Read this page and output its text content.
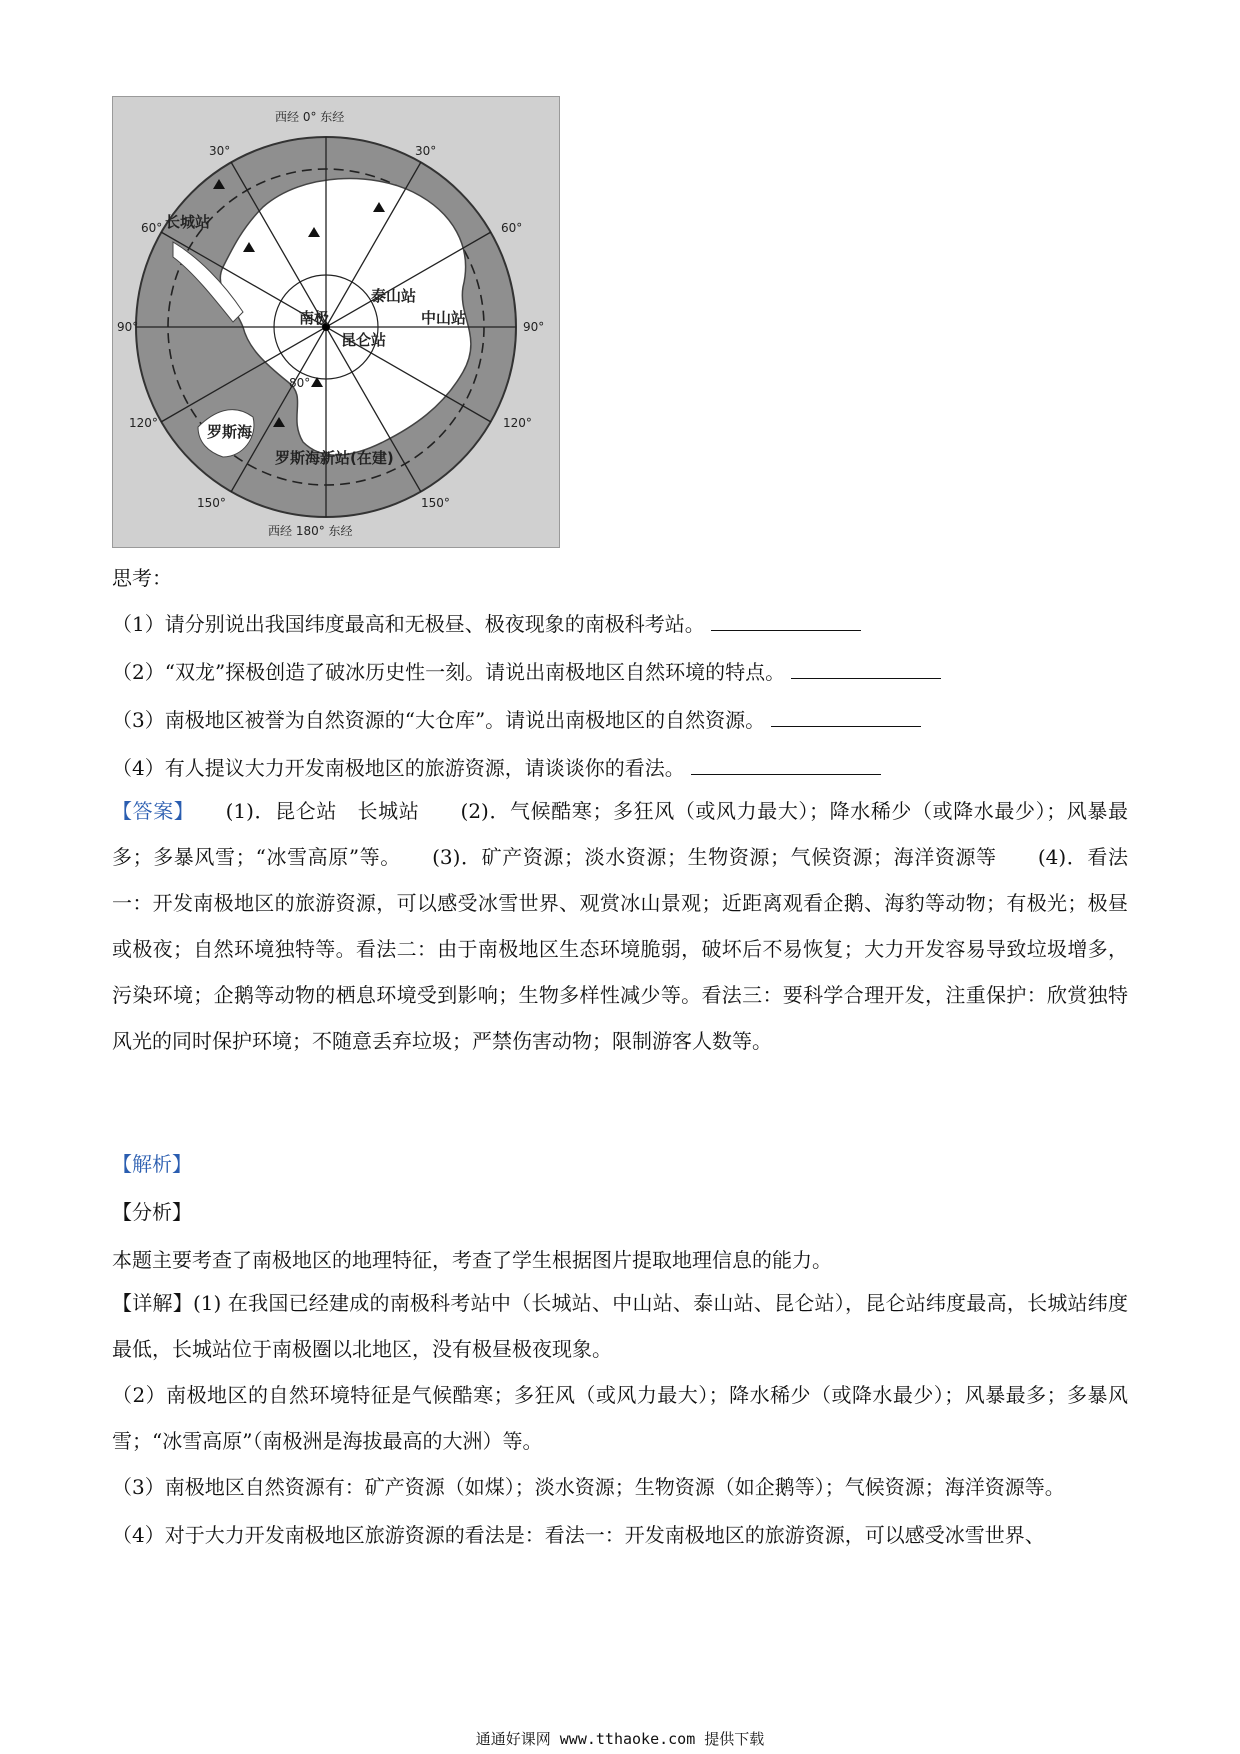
西经 0° 东经
西经 180° 东经
30°	30°
60°	60°
90°	90°
120°	120°
150°	150°
80°
南极
长城站
泰山站
中山站
昆仑站
罗斯海新站(在建)
罗斯海
思考：
（1）请分别说出我国纬度最高和无极昼、极夜现象的南极科考站。
（2）“双龙”探极创造了破冰历史性一刻。请说出南极地区自然环境的特点。
（3）南极地区被誉为自然资源的“大仓库”。请说出南极地区的自然资源。
（4）有人提议大力开发南极地区的旅游资源，请谈谈你的看法。
【答案】　　(1)．昆仑站　长城站　　(2)．气候酷寒；多狂风（或风力最大）；降水稀少（或降水最少）；风暴最多；多暴风雪；“冰雪高原”等。　　(3)．矿产资源；淡水资源；生物资源；气候资源；海洋资源等　　(4)．看法一：开发南极地区的旅游资源，可以感受冰雪世界、观赏冰山景观；近距离观看企鹅、海豹等动物；有极光；极昼或极夜；自然环境独特等。看法二：由于南极地区生态环境脆弱，破坏后不易恢复；大力开发容易导致垃圾增多，污染环境；企鹅等动物的栖息环境受到影响；生物多样性减少等。看法三：要科学合理开发，注重保护：欣赏独特风光的同时保护环境；不随意丢弃垃圾；严禁伤害动物；限制游客人数等。
【解析】
【分析】
本题主要考查了南极地区的地理特征，考查了学生根据图片提取地理信息的能力。
【详解】(1) 在我国已经建成的南极科考站中（长城站、中山站、泰山站、昆仑站），昆仑站纬度最高，长城站纬度最低，长城站位于南极圈以北地区，没有极昼极夜现象。
（2）南极地区的自然环境特征是气候酷寒；多狂风（或风力最大）；降水稀少（或降水最少）；风暴最多；多暴风雪；“冰雪高原”（南极洲是海拔最高的大洲）等。
（3）南极地区自然资源有：矿产资源（如煤）；淡水资源；生物资源（如企鹅等）；气候资源；海洋资源等。
（4）对于大力开发南极地区旅游资源的看法是：看法一：开发南极地区的旅游资源，可以感受冰雪世界、
通通好课网 www.tthaoke.com 提供下载
